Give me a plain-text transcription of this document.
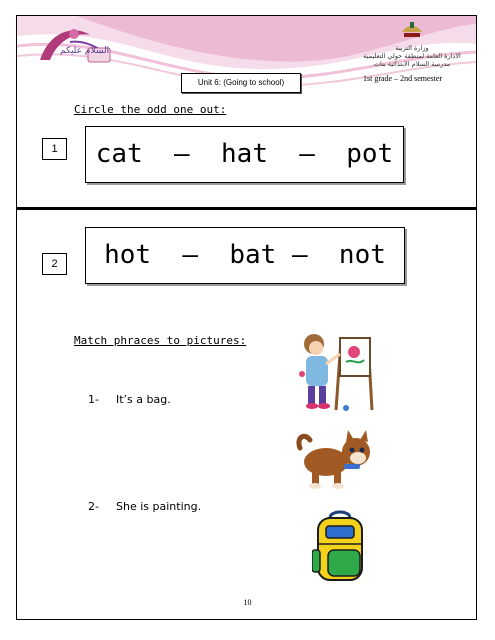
السلام عليكم	وزارة التربية
الادارة العامة لمنطقة حولي التعليمية
مدرسة السلام الابتدائية بنات
Unit 6: (Going to school)	1st grade – 2nd semester
Circle the odd one out:
1	cat  –  hat  –  pot
2	hot  –  bat –  not
Match phraces to pictures:
1- It’s a bag.
2- She is painting.
10
